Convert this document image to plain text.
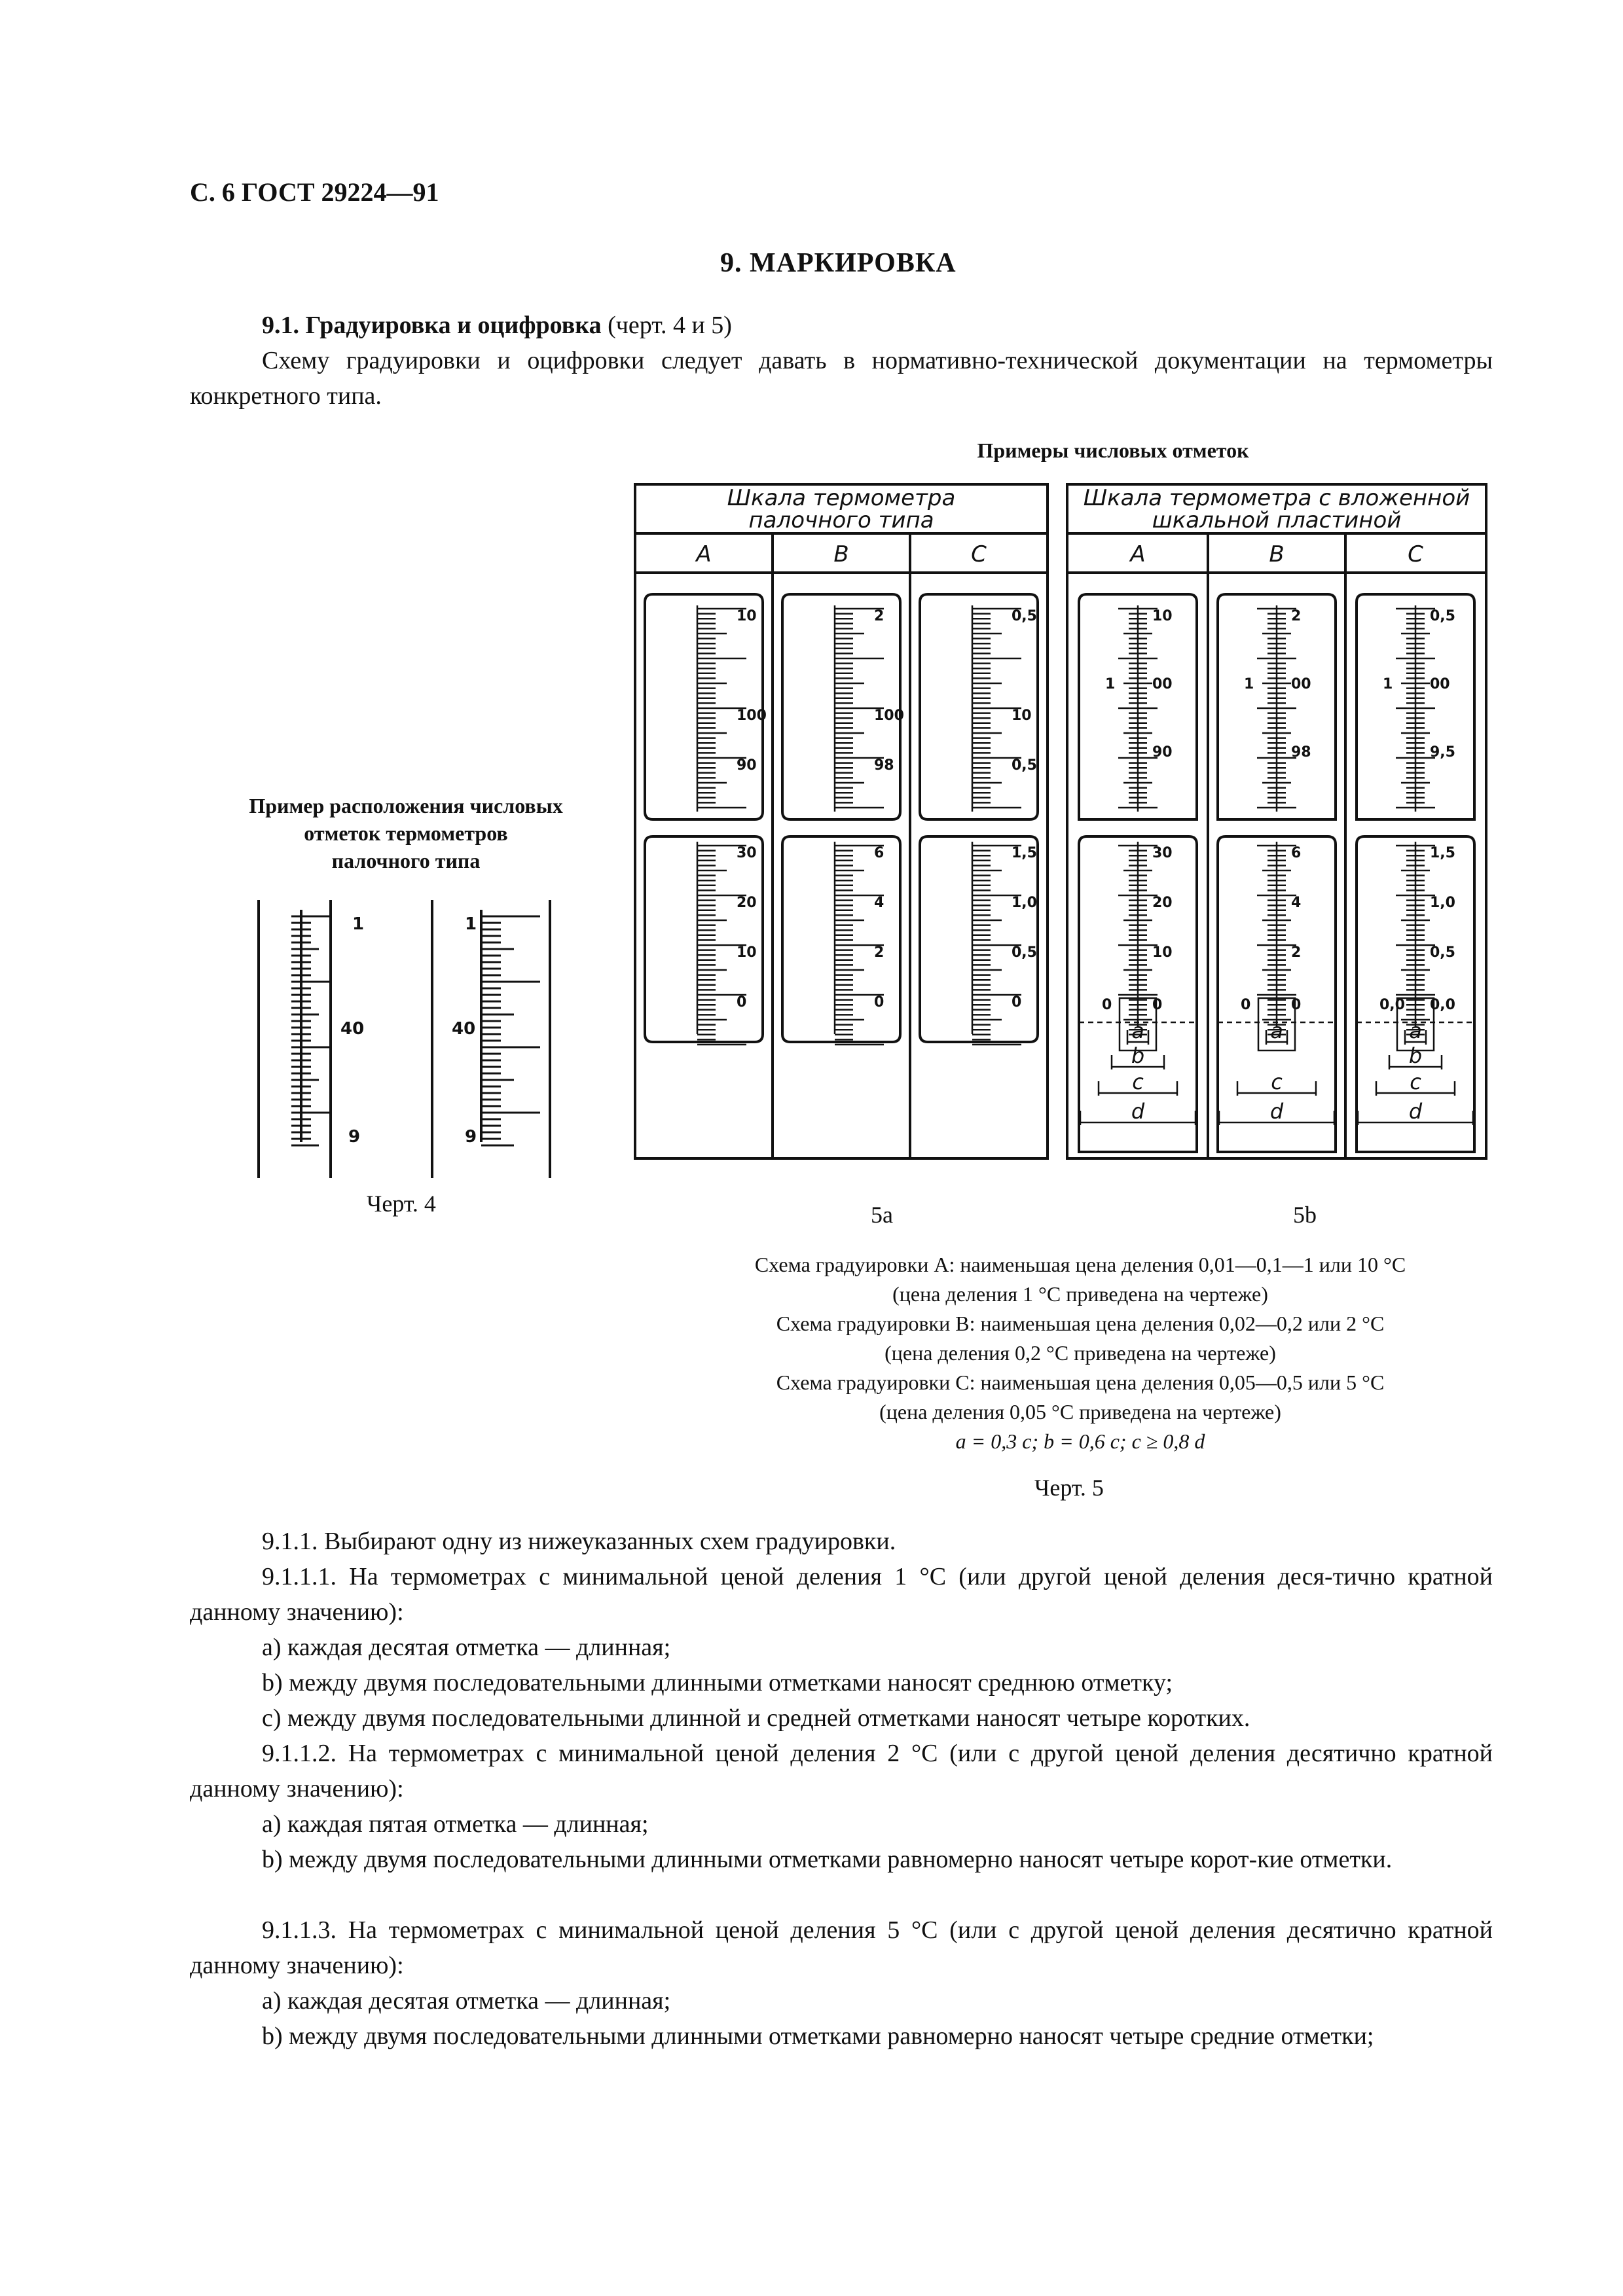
С. 6 ГОСТ 29224—91
9. МАРКИРОВКА
9.1. Градуировка и оцифровка (черт. 4 и 5)
Схему градуировки и оцифровки следует давать в нормативно-технической документации на термометры конкретного типа.
Примеры числовых отметок
Пример расположения числовых
отметок термометров
палочного типа
1
40
9
1
40
9
Черт. 4
Шкала термометра
палочного типа
Шкала термометра с вложенной
шкальной пластиной
A	B	C	A	B	C
10
100
90
30
20
10
0
2
100
98
6
4
2
0
0,5
10
0,5
1,5
1,0
0,5
0
10
1	00
90
30
20
10
0	0
2
1	00
98
6
4
2
0	0
0,5
1	00
9,5
1,5
1,0
0,5
0,0 0,0
a
b
c
d
a
c
d
a
b
c
d
5а	5b
Схема градуировки A: наименьшая цена деления 0,01—0,1—1 или 10 °C
(цена деления 1 °C приведена на чертеже)
Схема градуировки B: наименьшая цена деления 0,02—0,2 или 2 °C
(цена деления 0,2 °C приведена на чертеже)
Схема градуировки C: наименьшая цена деления 0,05—0,5 или 5 °C
(цена деления 0,05 °C приведена на чертеже)
a = 0,3 c; b = 0,6 c; c ≥ 0,8 d
Черт. 5
9.1.1. Выбирают одну из нижеуказанных схем градуировки.
9.1.1.1. На термометрах с минимальной ценой деления 1 °C (или другой ценой деления деся-тично кратной данному значению):
а) каждая десятая отметка — длинная;
b) между двумя последовательными длинными отметками наносят среднюю отметку;
c) между двумя последовательными длинной и средней отметками наносят четыре коротких.
9.1.1.2. На термометрах с минимальной ценой деления 2 °C (или с другой ценой деления десятично кратной данному значению):
а) каждая пятая отметка — длинная;
b) между двумя последовательными длинными отметками равномерно наносят четыре корот-кие отметки.
9.1.1.3. На термометрах с минимальной ценой деления 5 °C (или с другой ценой деления десятично кратной данному значению):
а) каждая десятая отметка — длинная;
b) между двумя последовательными длинными отметками равномерно наносят четыре средние отметки;
